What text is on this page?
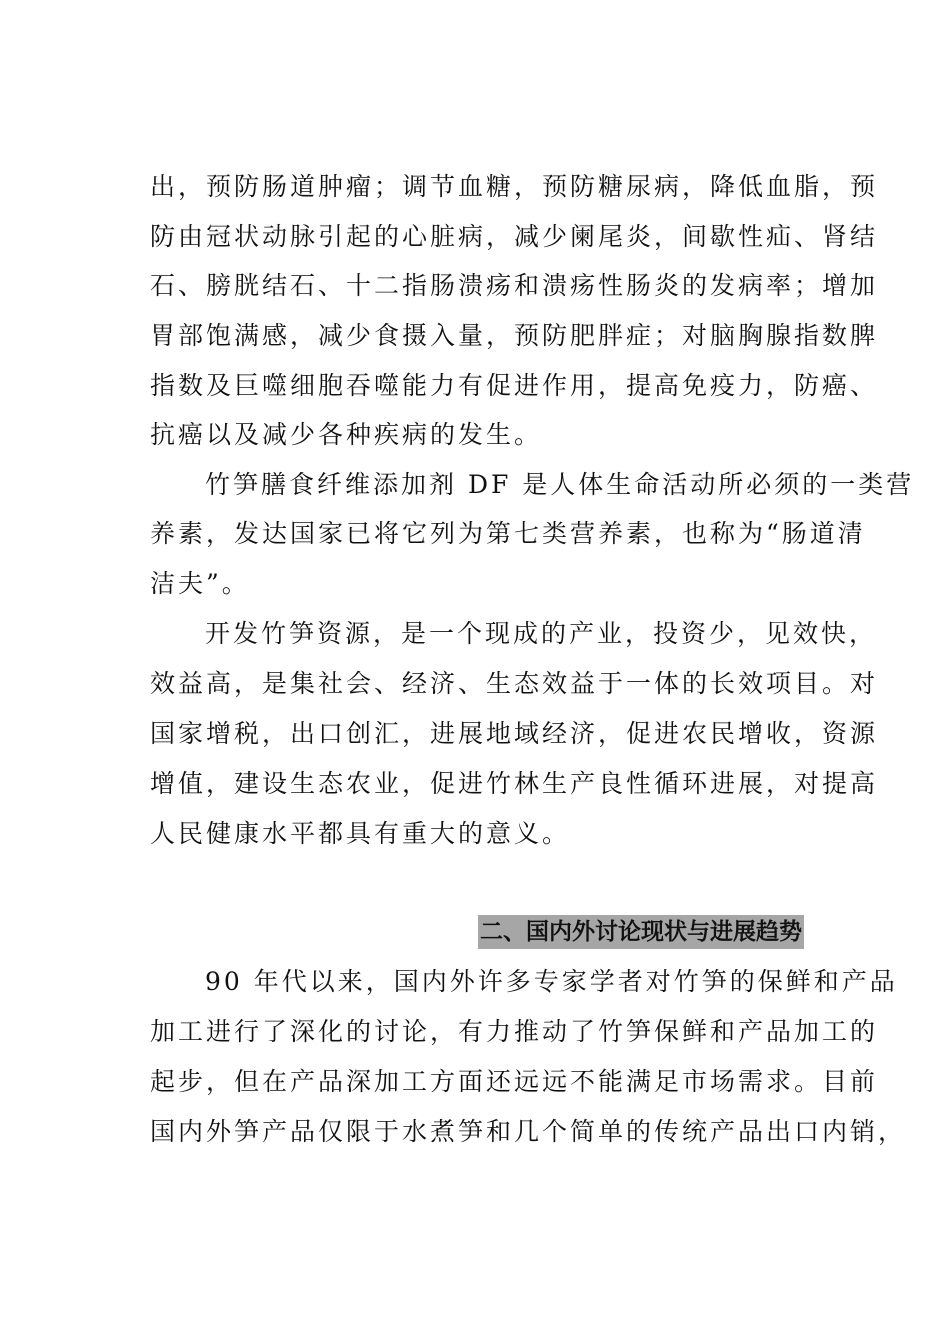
出，预防肠道肿瘤；调节血糖，预防糖尿病，降低血脂，预
防由冠状动脉引起的心脏病，减少阑尾炎，间歇性疝、肾结
石、膀胱结石、十二指肠溃疡和溃疡性肠炎的发病率；增加
胃部饱满感，减少食摄入量，预防肥胖症；对脑胸腺指数脾
指数及巨噬细胞吞噬能力有促进作用，提高免疫力，防癌、
抗癌以及减少各种疾病的发生。
竹笋膳食纤维添加剂 DF 是人体生命活动所必须的一类营
养素，发达国家已将它列为第七类营养素，也称为“肠道清
洁夫”。
开发竹笋资源，是一个现成的产业，投资少，见效快，
效益高，是集社会、经济、生态效益于一体的长效项目。对
国家增税，出口创汇，进展地域经济，促进农民增收，资源
增值，建设生态农业，促进竹林生产良性循环进展，对提高
人民健康水平都具有重大的意义。
二、国内外讨论现状与进展趋势
90 年代以来，国内外许多专家学者对竹笋的保鲜和产品
加工进行了深化的讨论，有力推动了竹笋保鲜和产品加工的
起步，但在产品深加工方面还远远不能满足市场需求。目前
国内外笋产品仅限于水煮笋和几个简单的传统产品出口内销，
